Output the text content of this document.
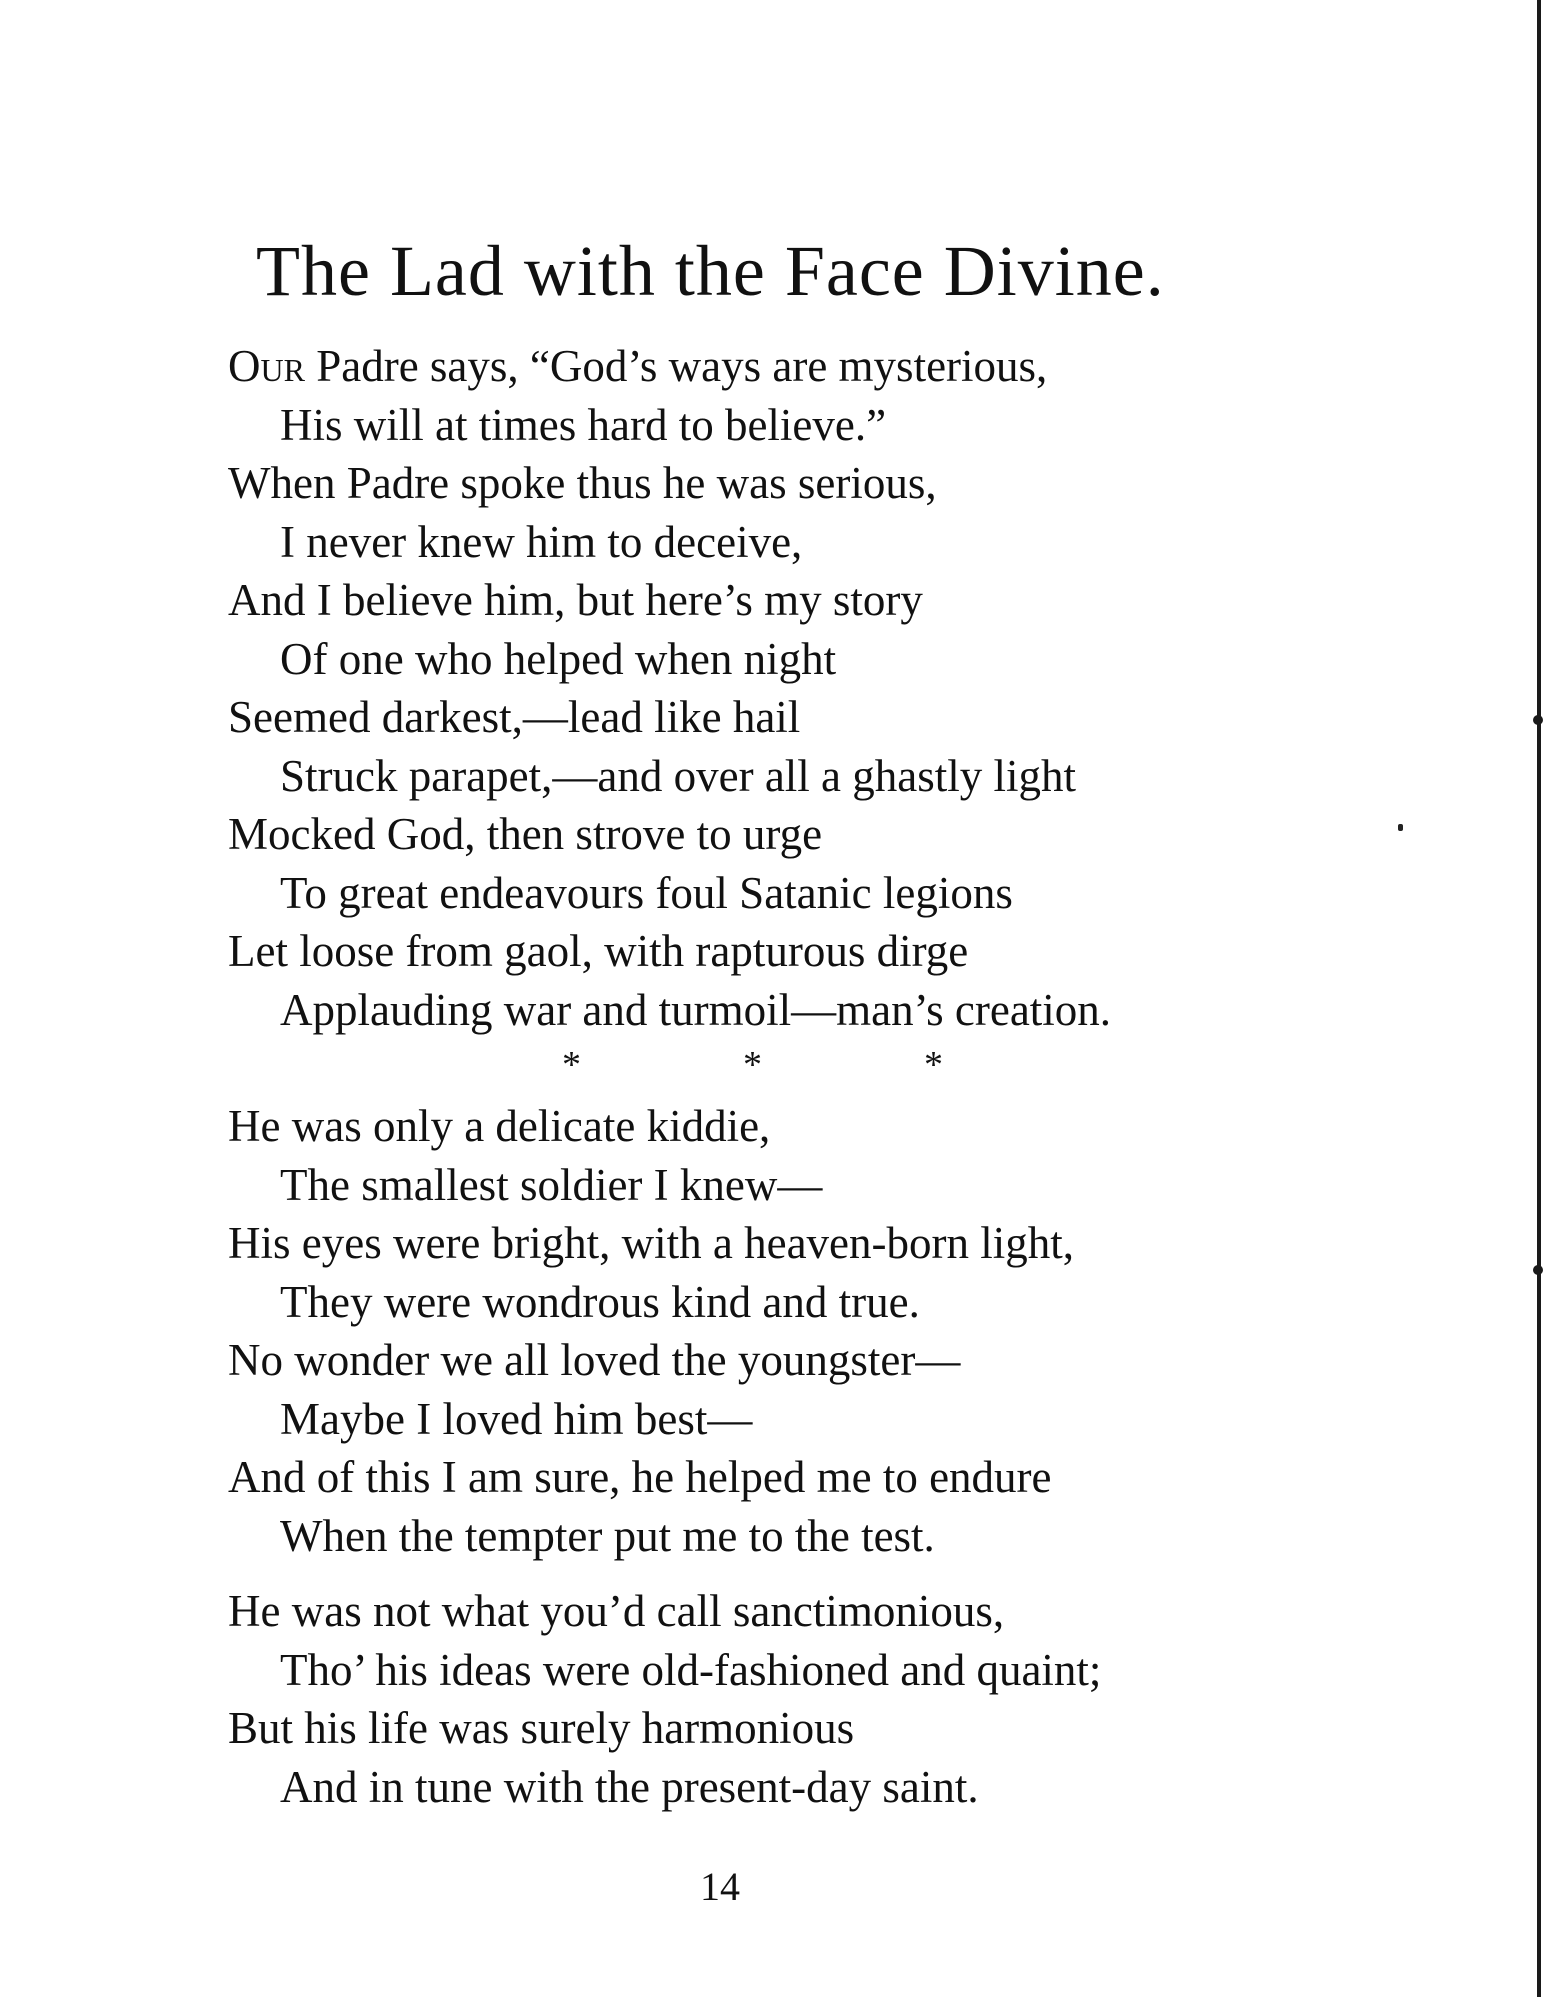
The Lad with the Face Divine.
Our Padre says, “God’s ways are mysterious,
His will at times hard to believe.”
When Padre spoke thus he was serious,
I never knew him to deceive,
And I believe him, but here’s my story
Of one who helped when night
Seemed darkest,—lead like hail
Struck parapet,—and over all a ghastly light
Mocked God, then strove to urge
To great endeavours foul Satanic legions
Let loose from gaol, with rapturous dirge
Applauding war and turmoil—man’s creation.
*	*	*
He was only a delicate kiddie,
The smallest soldier I knew—
His eyes were bright, with a heaven-born light,
They were wondrous kind and true.
No wonder we all loved the youngster—
Maybe I loved him best—
And of this I am sure, he helped me to endure
When the tempter put me to the test.
He was not what you’d call sanctimonious,
Tho’ his ideas were old-fashioned and quaint;
But his life was surely harmonious
And in tune with the present-day saint.
14
